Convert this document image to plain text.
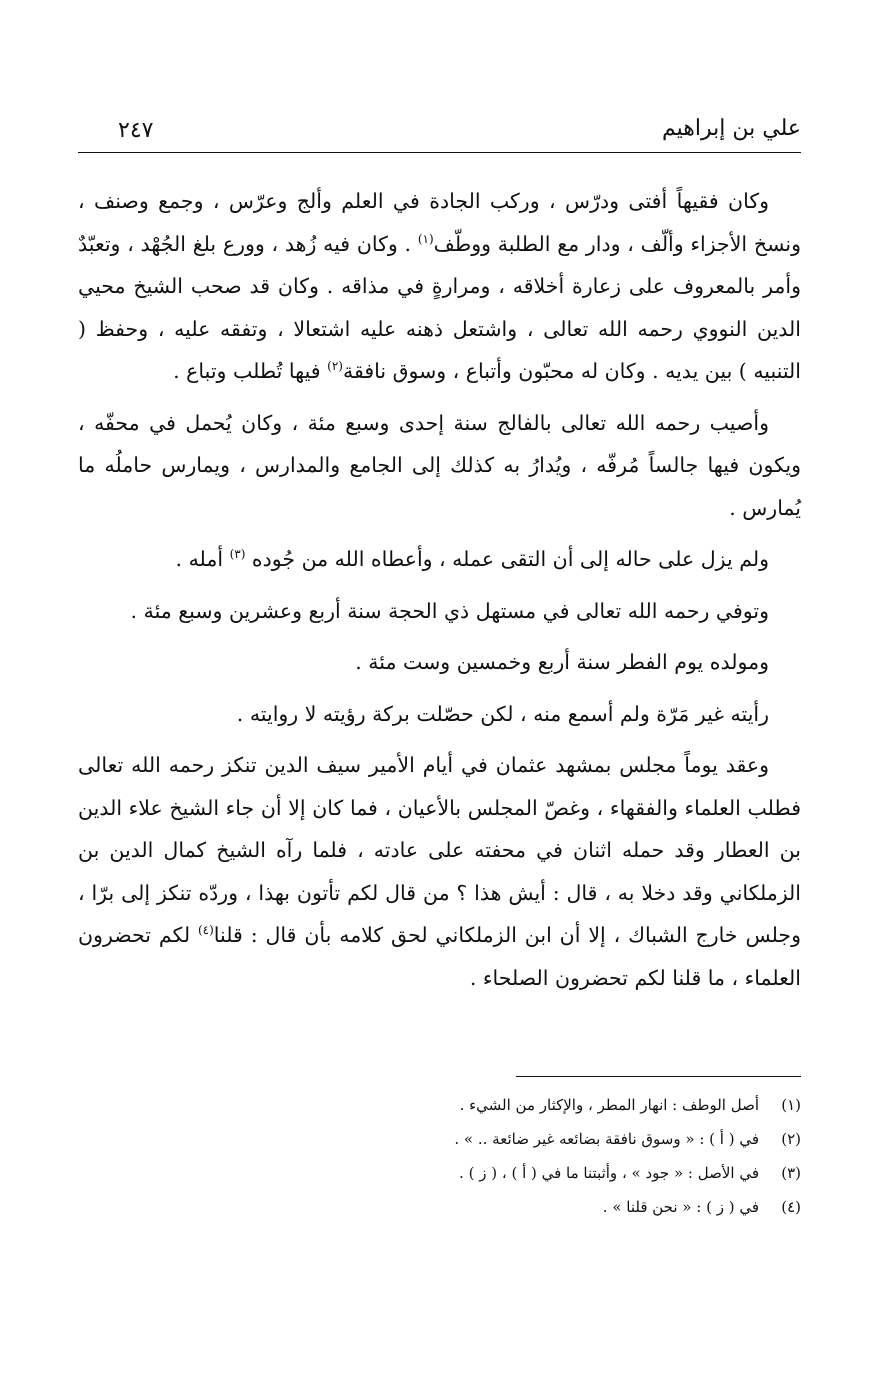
علي بن إبراهيم
٢٤٧

وكان فقيهاً أفتى ودرّس ، وركب الجادة في العلم وألج وعرّس ، وجمع وصنف ، ونسخ الأجزاء وألّف ، ودار مع الطلبة ووطّف$^{(١)}$ . وكان فيه زُهد ، وورع بلغ الجُهْد ، وتعبّدٌ وأمر بالمعروف على زعارة أخلاقه ، ومرارةٍ في مذاقه . وكان قد صحب الشيخ محيي الدين النووي رحمه الله تعالى ، واشتعل ذهنه عليه اشتعالا ، وتفقه عليه ، وحفظ ( التنبيه ) بين يديه . وكان له محبّون وأتباع ، وسوق نافقة$^{(٢)}$ فيها تُطلب وتباع .

وأصيب رحمه الله تعالى بالفالج سنة إحدى وسبع مئة ، وكان يُحمل في محفّه ، ويكون فيها جالساً مُرفّه ، ويُدارُ به كذلك إلى الجامع والمدارس ، ويمارس حاملُه ما يُمارس .

ولم يزل على حاله إلى أن التقى عمله ، وأعطاه الله من جُوده $^{(٣)}$ أمله .

وتوفي رحمه الله تعالى في مستهل ذي الحجة سنة أربع وعشرين وسبع مئة .

ومولده يوم الفطر سنة أربع وخمسين وست مئة .

رأيته غير مَرّة ولم أسمع منه ، لكن حصّلت بركة رؤيته لا روايته .

وعقد يوماً مجلس بمشهد عثمان في أيام الأمير سيف الدين تنكز رحمه الله تعالى فطلب العلماء والفقهاء ، وغصّ المجلس بالأعيان ، فما كان إلا أن جاء الشيخ علاء الدين بن العطار وقد حمله اثنان في محفته على عادته ، فلما رآه الشيخ كمال الدين بن الزملكاني وقد دخلا به ، قال : أيش هذا ؟ من قال لكم تأتون بهذا ، وردّه تنكز إلى برّا ، وجلس خارج الشباك ، إلا أن ابن الزملكاني لحق كلامه بأن قال : قلنا$^{(٤)}$ لكم تحضرون العلماء ، ما قلنا لكم تحضرون الصلحاء .

(١)
أصل الوطف : انهار المطر ، والإكثار من الشيء .
(٢)
في ( أ ) : « وسوق نافقة بضائعه غير ضائعة .. » .
(٣)
في الأصل : « جود » ، وأثبتنا ما في ( أ ) ، ( ز ) .
(٤)
في ( ز ) : « نحن قلنا » .
